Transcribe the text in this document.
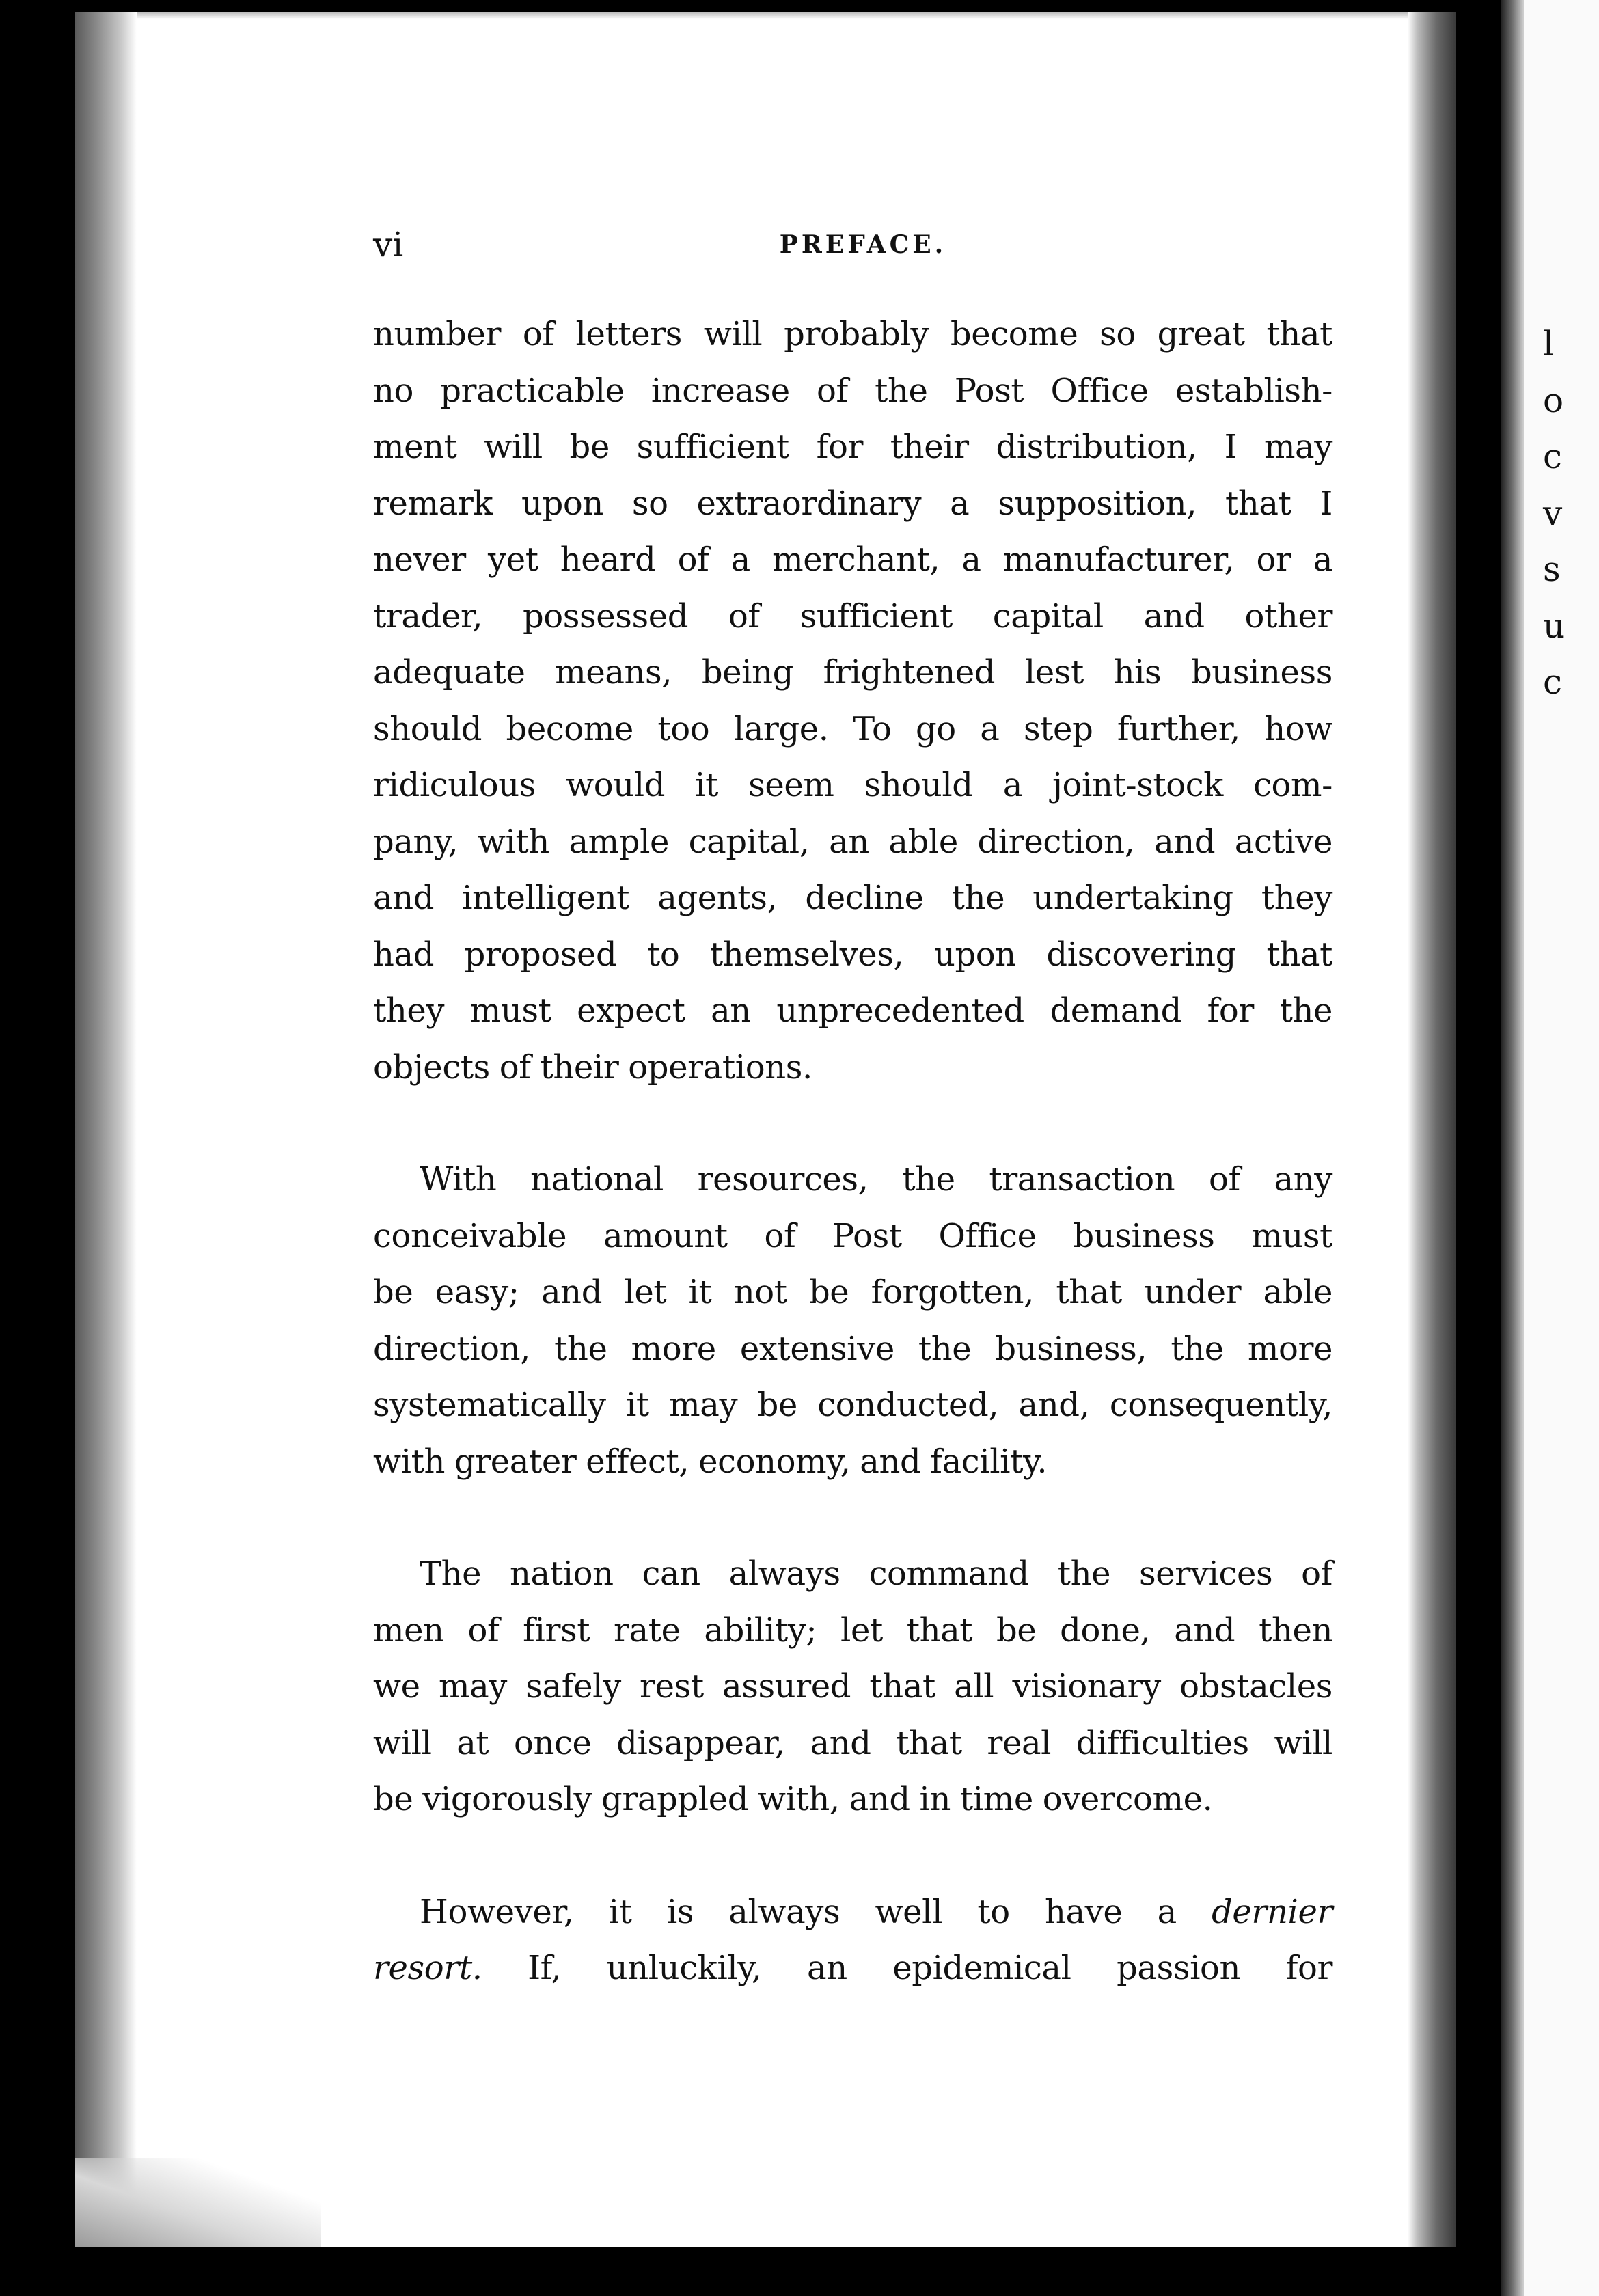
l
o
c
v
s
u
c
vi	PREFACE.
number of letters will probably become so great that
no practicable increase of the Post Office establish-
ment will be sufficient for their distribution, I may
remark upon so extraordinary a supposition, that I
never yet heard of a merchant, a manufacturer, or a
trader, possessed of sufficient capital and other
adequate means, being frightened lest his business
should become too large. To go a step further, how
ridiculous would it seem should a joint-stock com-
pany, with ample capital, an able direction, and active
and intelligent agents, decline the undertaking they
had proposed to themselves, upon discovering that
they must expect an unprecedented demand for the
objects of their operations.
With national resources, the transaction of any
conceivable amount of Post Office business must
be easy; and let it not be forgotten, that under able
direction, the more extensive the business, the more
systematically it may be conducted, and, consequently,
with greater effect, economy, and facility.
The nation can always command the services of
men of first rate ability; let that be done, and then
we may safely rest assured that all visionary obstacles
will at once disappear, and that real difficulties will
be vigorously grappled with, and in time overcome.
However, it is always well to have a dernier
resort. If, unluckily, an epidemical passion for
